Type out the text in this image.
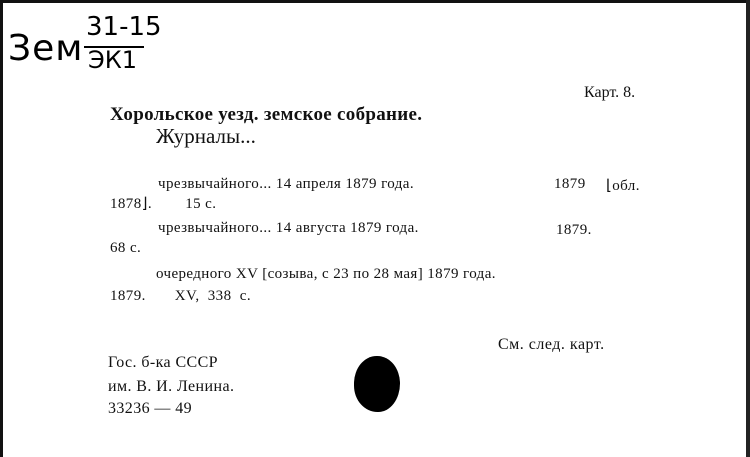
Зем
31-15
ЭК1
Карт. 8.
Хорольское уезд. земское собрание.
Журналы...
чрезвычайного... 14 апреля 1879 года.	1879 ⌊обл.
1878⌋.        15 с.
чрезвычайного... 14 августа 1879 года.	1879.
68 с.
очередного XV [созыва, с 23 по 28 мая] 1879 года.
1879.       XV,  338  с.
См. след. карт.
Гос. б-ка СССР
им. В. И. Ленина.
33236 — 49
